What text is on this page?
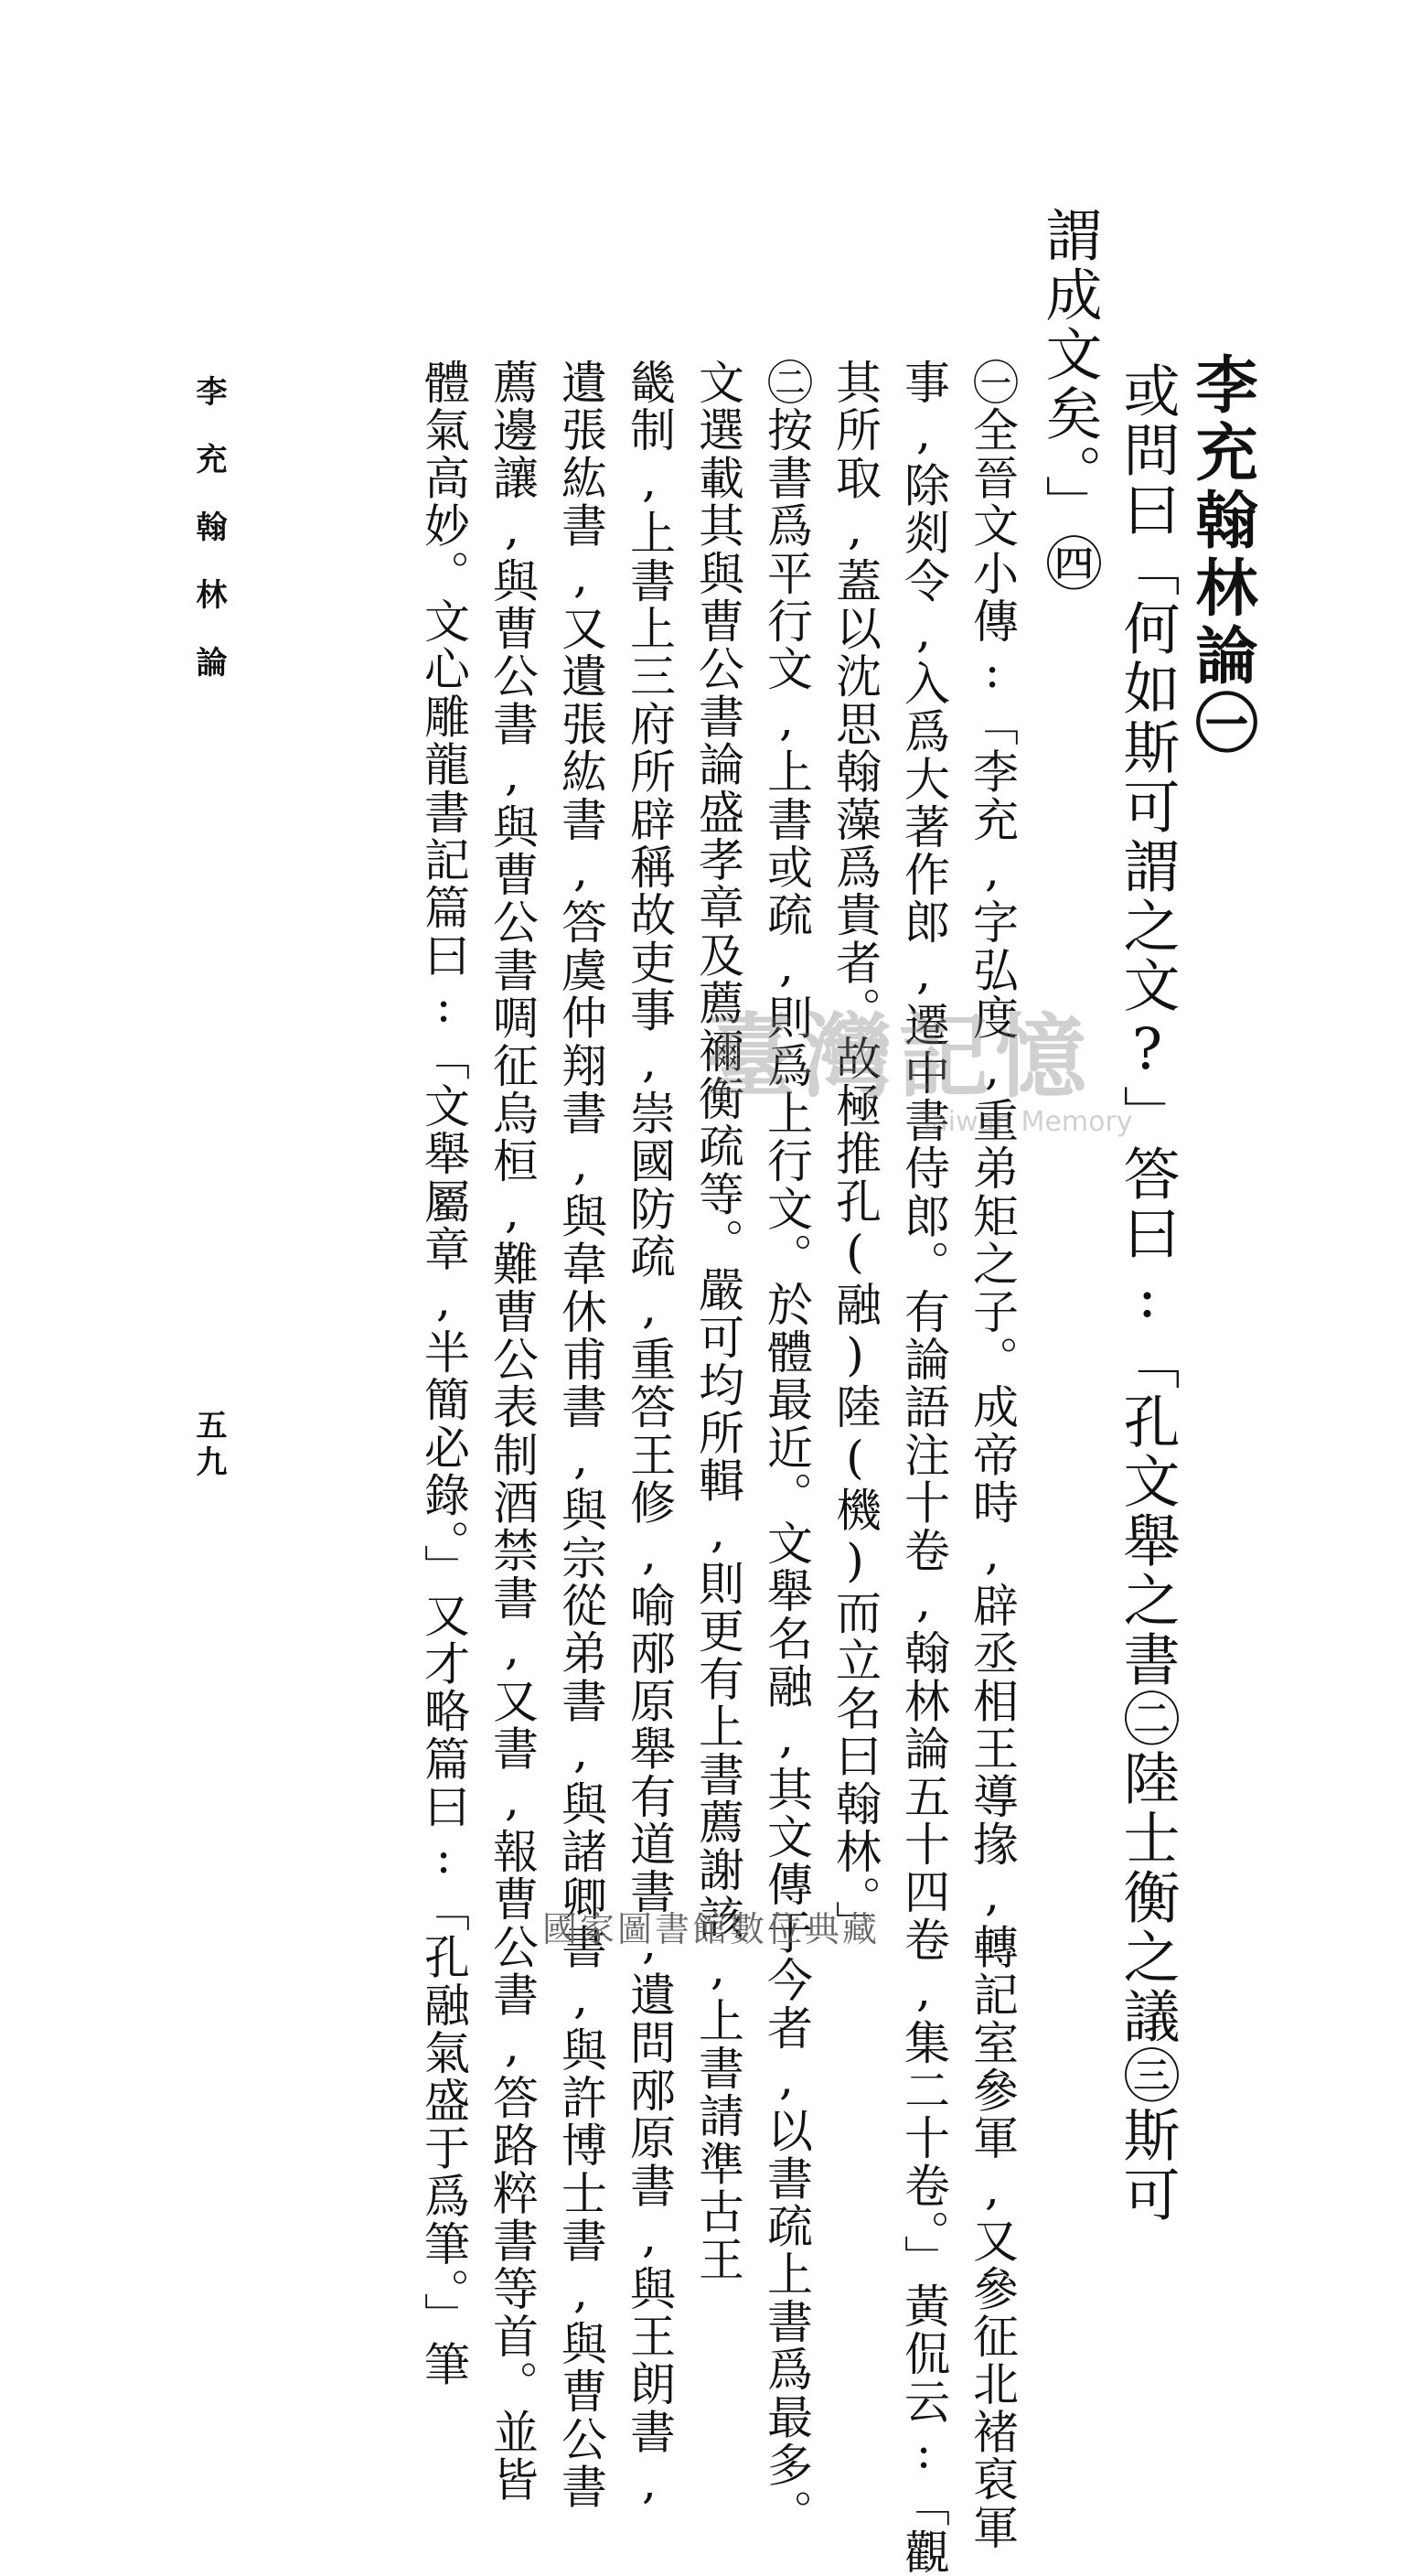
李充翰林論㊀
或問曰「何如斯可謂之文?」答曰:「孔文舉之書㊁陸士衡之議㊂斯可
謂成文矣。」㊃
㊀全晉文小傳:「李充,字弘度,重弟矩之子。成帝時,辟丞相王導掾,轉記室參軍,又參征北褚裒軍
事,除剡令,入爲大著作郎,遷中書侍郎。有論語注十卷,翰林論五十四卷,集二十卷。」黃侃云:「觀
其所取,蓋以沈思翰藻爲貴者。故極推孔(融)陸(機)而立名曰翰林。」
㊁按書爲平行文,上書或疏,則爲上行文。於體最近。文舉名融,其文傳于今者,以書疏上書爲最多。
文選載其與曹公書論盛孝章及薦禰衡疏等。嚴可均所輯,則更有上書薦謝該,上書請準古王
畿制,上書上三府所辟稱故吏事,崇國防疏,重答王修,喻邴原舉有道書,遺問邴原書,與王朗書,
遺張紘書,又遺張紘書,答虞仲翔書,與韋休甫書,與宗從弟書,與諸卿書,與許博士書,與曹公書
薦邊讓,與曹公書,與曹公書啁征烏桓,難曹公表制酒禁書,又書,報曹公書,答路粹書等首。並皆
體氣高妙。文心雕龍書記篇曰:「文舉屬章,半簡必錄。」又才略篇曰:「孔融氣盛于爲筆。」筆
李充翰林論
五九
臺灣記憶
Taiwan Memory
國家圖書館數位典藏
